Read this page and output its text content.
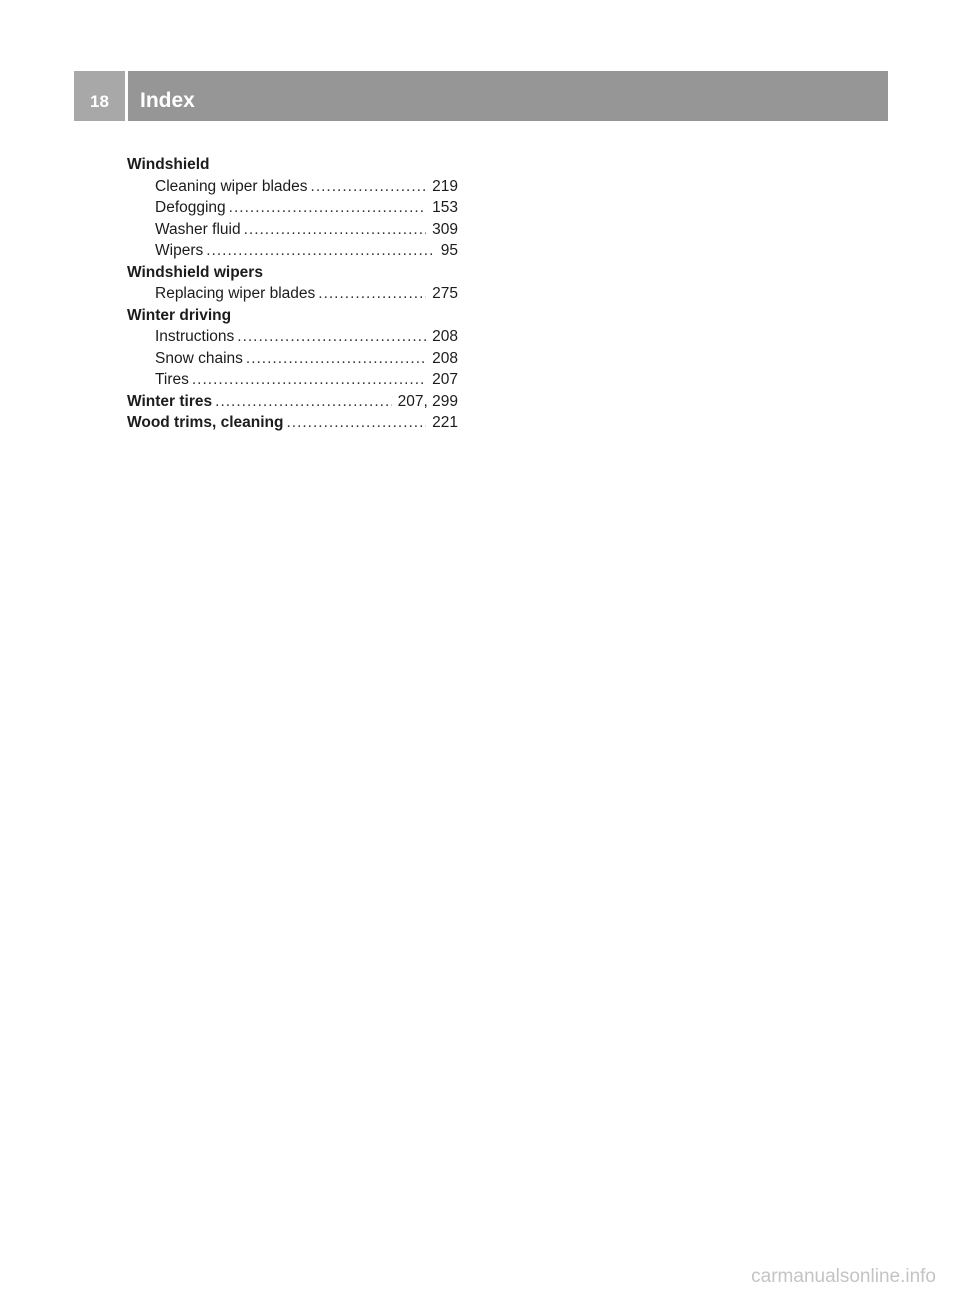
18	Index
Windshield
Cleaning wiper blades .....	219
Defogging .....	153
Washer fluid .....	309
Wipers .....	95
Windshield wipers
Replacing wiper blades .....	275
Winter driving
Instructions .....	208
Snow chains .....	208
Tires .....	207
Winter tires .....	207, 299
Wood trims, cleaning .....	221
carmanualsonline.info
